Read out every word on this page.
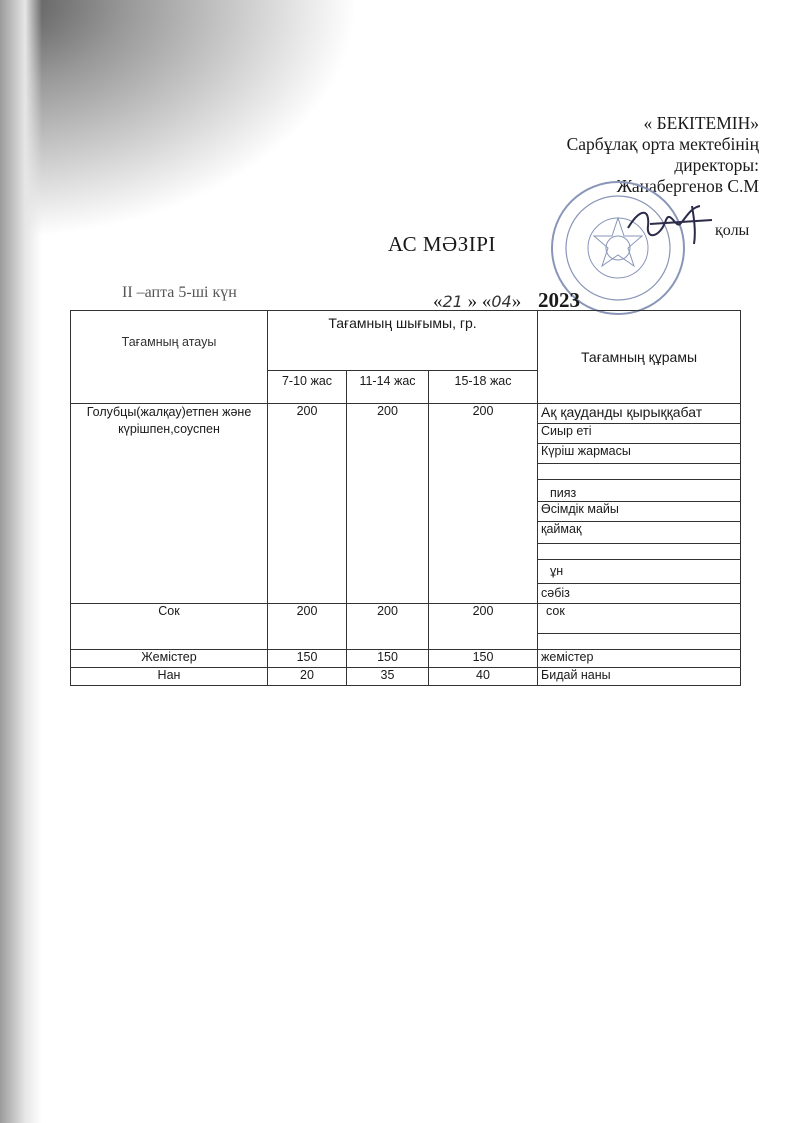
« БЕКІТЕМІН»
Сарбұлақ орта мектебінің
директоры:
Жанабергенов С.М
қолы
АС МӘЗІРІ
ІІ –апта 5-ші күн	«21 » «04» 2023
Тағамның атауы	Тағамның шығымы, гр.			Тағамның құрамы
	7-10 жас	11-14 жас	15-18 жас	
Голубцы(жалқау)етпен және күрішпен,соуспен	200	200	200	Ақ қауданды қырыққабат
				Сиыр еті
				Күріш жармасы

				пияз
				Өсімдік майы
				қаймақ

				ұн
				сәбіз
Сок	200	200	200	сок

Жемістер	150	150	150	жемістер
Нан	20	35	40	Бидай наны
